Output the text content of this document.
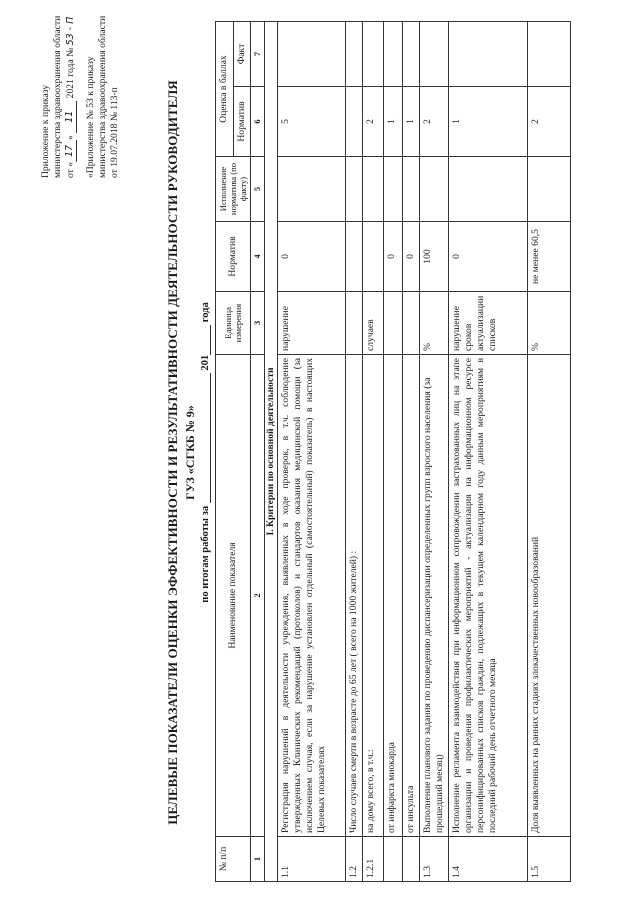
Приложение к приказу министерства здравоохранения области от «17» 11 2021 года № 53 - П

«Приложение № 53 к приказу министерства здравоохранения области от 19.07.2018 № 113-п	ЦЕЛЕВЫЕ ПОКАЗАТЕЛИ ОЦЕНКИ ЭФФЕКТИВНОСТИ И РЕЗУЛЬТАТИВНОСТИ ДЕЯТЕЛЬНОСТИ РУКОВОДИТЕЛЯ ГУЗ «СГКБ № 9»
по итогам работы за  201 года
№ п/п	Наименование показателя	Единица измерения	Норматив	Исполнение норматива (по факту)	Оценка в баллах	
					Норматив	Факт
1	2	3	4	5	6	7
I. Критерии по основной деятельности						
1.1	Регистрация нарушений в деятельности учреждения, выявленных в ходе проверок, в т.ч. соблюдение утвержденных Клинических рекомендаций (протоколов) и стандартов оказания медицинской помощи (за исключением случая, если за нарушение установлен отдельный (самостоятельный) показатель) в настоящих Целевых показателях	нарушение	0		5	
1.2	Число случаев смерти в возрасте до 65 лет ( всего на 1000 жителей) :					
1.2.1	на дому всего, в т.ч.:	случаев			2	
	от инфаркта миокарда		0		1	
	от инсульта		0		1	
1.3	Выполнение планового задания по проведению диспансеризации определенных групп взрослого населения (за прошедший месяц)	%	100		2	
1.4	Исполнение регламента взаимодействия при информационном сопровождении застрахованных лиц на этапе организации и проведения профилактических мероприятий - актуализация на информационном ресурсе персонифицированных списков граждан, подлежащих в текущем календарном году данным мероприятиям в последний рабочий день отчетного месяца	нарушение сроков актуализации списков	0		1	
1.5	Доля выявленных на ранних стадиях злокачественных новообразований	%	не менее 60,5		2	
